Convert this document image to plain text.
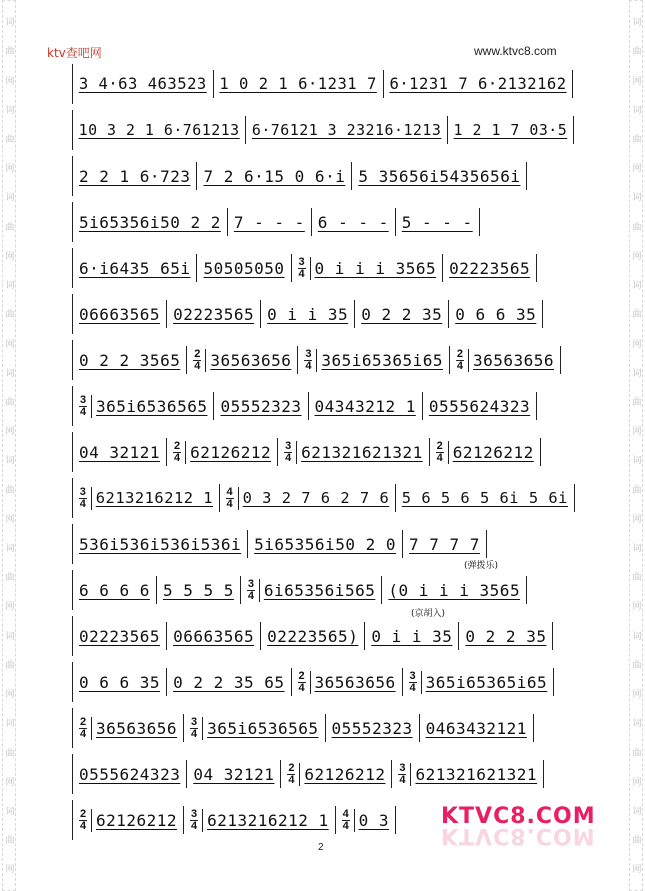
词
曲
网
词
曲
网
词
曲
网
词
曲
网
词
曲
网
词
曲
网
词
曲
网
词
曲
网
词
曲
网
词
曲
网
词
曲
网
词
曲
网
词
曲
网
词
曲
网
词
曲
网
词
曲
网
词
曲
网
词
曲
网
词
曲
网
词
曲
网
ktv查吧网	www.ktvc8.com
3 4·63 463523 1 0 2 1 6·1231 7 6·1231 7 6·2132162
10 3 2 1 6·761213 6·76121 3 23216·1213 1 2 1 7 03·5
2 2 1 6·723 7 2 6·15 0 6·i 5 35656i5435656i
5i65356i50 2 2 7 - - - 6 - - - 5 - - -
6·i6435 65i 50505050 3
4 0 i i i 3565 02223565
06663565 02223565 0 i i 35 0 2 2 35 0 6 6 35
0 2 2 3565 2
4 36563656 3
4 365i65365i65 2
4 36563656
3
4 365i6536565 05552323 04343212 1 0555624323
04 32121 2
4 62126212 3
4 621321621321 2
4 62126212
3
4 6213216212 1 4
4 0 3 2 7 6 2 7 6 5 6 5 6 5 6i 5 6i
536i536i536i536i 5i65356i50 2 0 7 7 7 7
6 6 6 6 5 5 5 5 3
4 6i65356i565 (0 i i i 3565
02223565 06663565 02223565) 0 i i 35 0 2 2 35
0 6 6 35 0 2 2 35 65 2
4 36563656 3
4 365i65365i65
2
4 36563656 3
4 365i6536565 05552323 0463432121
0555624323 04 32121 2
4 62126212 3
4 621321621321
2
4 62126212 3
4 6213216212 1 4
4 0 3
(弹拨乐)
(京胡入)
2
KTVC8.COM
KTVC8.COM
